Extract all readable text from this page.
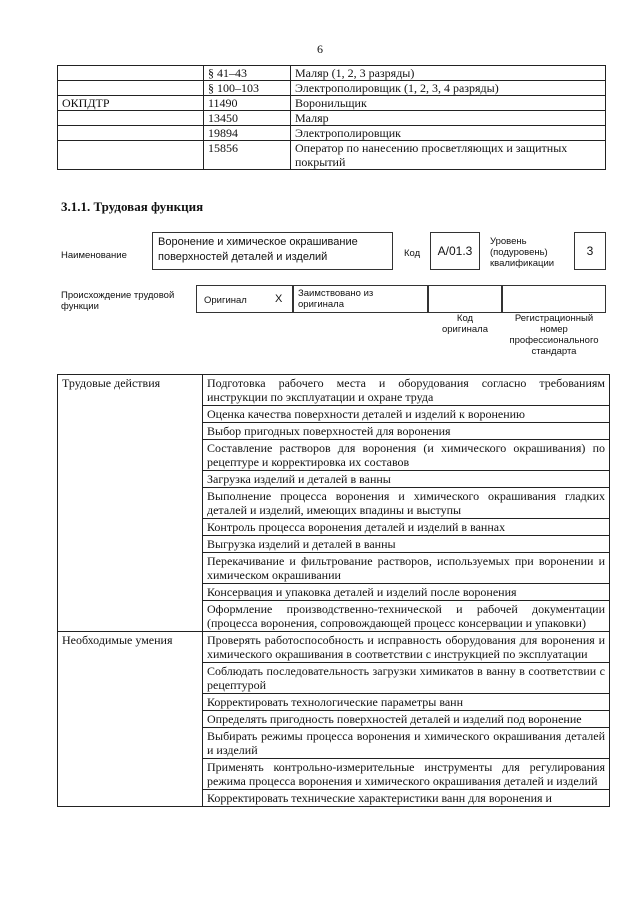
6
	§ 41–43	Маляр (1, 2, 3 разряды)
	§ 100–103	Электрополировщик (1, 2, 3, 4 разряды)
ОКПДТР	11490	Воронильщик
	13450	Маляр
	19894	Электрополировщик
	15856	Оператор по нанесению просветляющих и защитных покрытий
3.1.1. Трудовая функция
Наименование
Воронение и химическое окрашивание поверхностей деталей и изделий	Код	A/01.3
Уровень (подуровень) квалификации
3
Происхождение трудовой функции
Оригинал	X Заимствовано из оригинала
Код оригинала
Регистрационный номер профессионального стандарта
Трудовые действия	Подготовка рабочего места и оборудования согласно требованиям инструкции по эксплуатации и охране труда
	Оценка качества поверхности деталей и изделий к воронению
	Выбор пригодных поверхностей для воронения
	Составление растворов для воронения (и химического окрашивания) по рецептуре и корректировка их составов
	Загрузка изделий и деталей в ванны
	Выполнение процесса воронения и химического окрашивания гладких деталей и изделий, имеющих впадины и выступы
	Контроль процесса воронения деталей и изделий в ваннах
	Выгрузка изделий и деталей в ванны
	Перекачивание и фильтрование растворов, используемых при воронении и химическом окрашивании
	Консервация и упаковка деталей и изделий после воронения
	Оформление производственно-технической и рабочей документации (процесса воронения, сопровождающей процесс консервации и упаковки)
Необходимые умения	Проверять работоспособность и исправность оборудования для воронения и химического окрашивания в соответствии с инструкцией по эксплуатации
	Соблюдать последовательность загрузки химикатов в ванну в соответствии с рецептурой
	Корректировать технологические параметры ванн
	Определять пригодность поверхностей деталей и изделий под воронение
	Выбирать режимы процесса воронения и химического окрашивания деталей и изделий
	Применять контрольно-измерительные инструменты для регулирования режима процесса воронения и химического окрашивания деталей и изделий
	Корректировать технические характеристики ванн для воронения и
